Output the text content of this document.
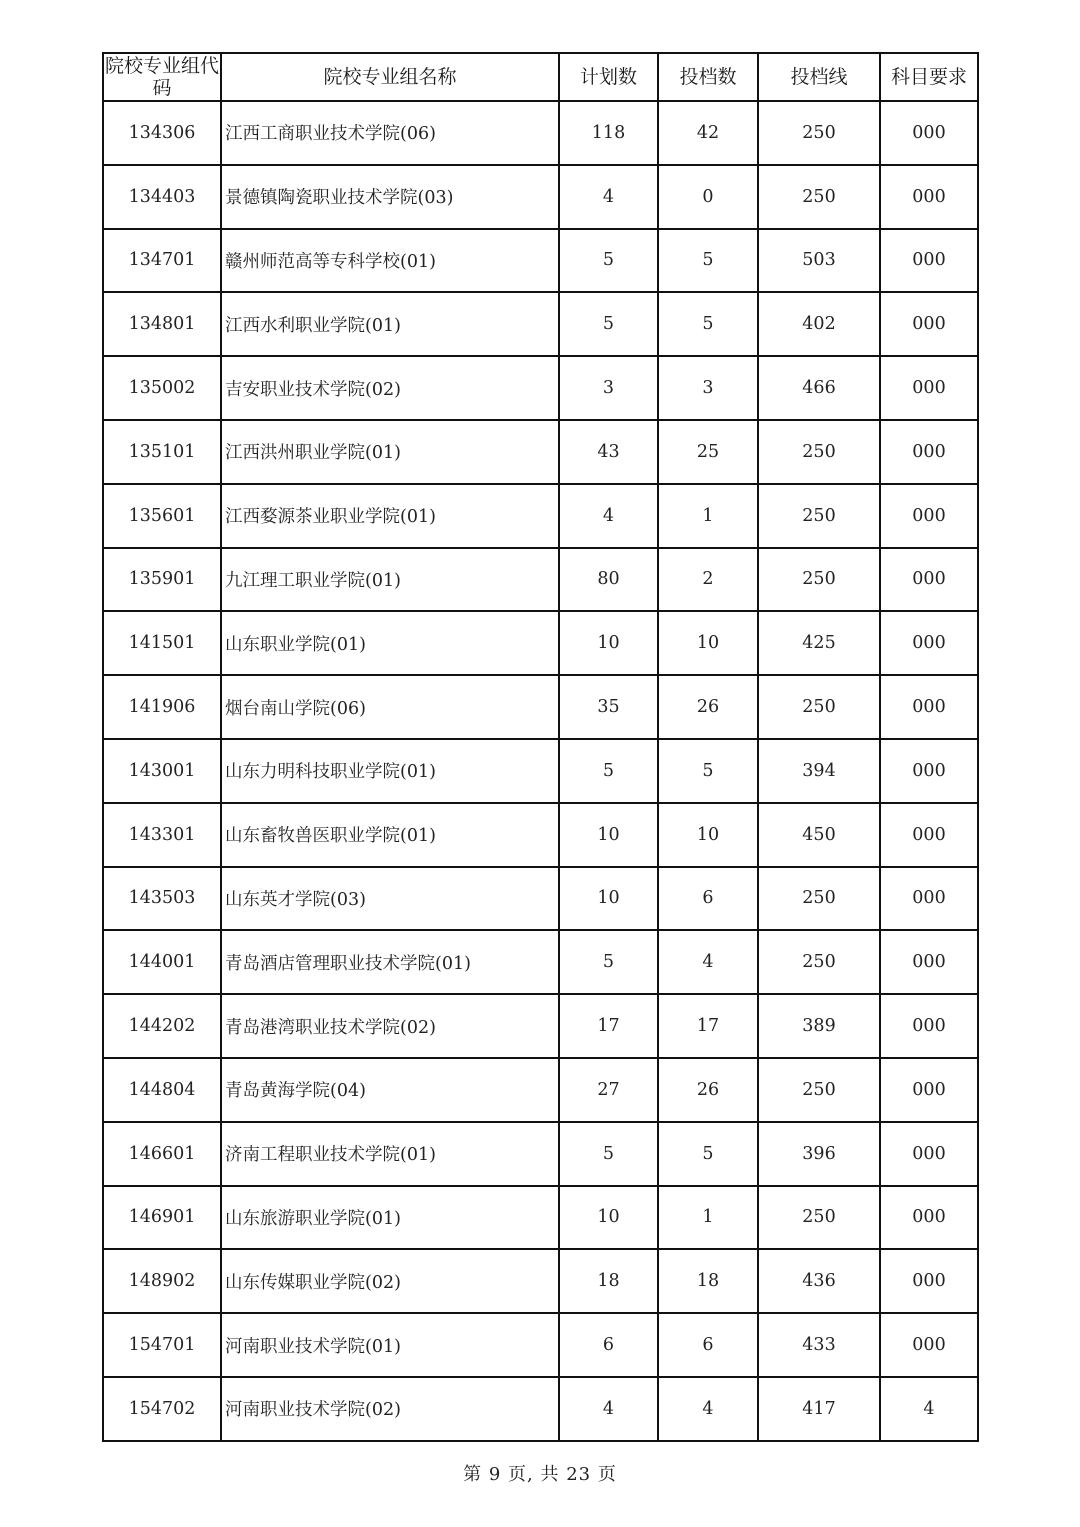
院校专业组代码	院校专业组名称	计划数	投档数	投档线	科目要求
134306	江西工商职业技术学院(06)	118	42	250	000
134403	景德镇陶瓷职业技术学院(03)	4	0	250	000
134701	赣州师范高等专科学校(01)	5	5	503	000
134801	江西水利职业学院(01)	5	5	402	000
135002	吉安职业技术学院(02)	3	3	466	000
135101	江西洪州职业学院(01)	43	25	250	000
135601	江西婺源茶业职业学院(01)	4	1	250	000
135901	九江理工职业学院(01)	80	2	250	000
141501	山东职业学院(01)	10	10	425	000
141906	烟台南山学院(06)	35	26	250	000
143001	山东力明科技职业学院(01)	5	5	394	000
143301	山东畜牧兽医职业学院(01)	10	10	450	000
143503	山东英才学院(03)	10	6	250	000
144001	青岛酒店管理职业技术学院(01)	5	4	250	000
144202	青岛港湾职业技术学院(02)	17	17	389	000
144804	青岛黄海学院(04)	27	26	250	000
146601	济南工程职业技术学院(01)	5	5	396	000
146901	山东旅游职业学院(01)	10	1	250	000
148902	山东传媒职业学院(02)	18	18	436	000
154701	河南职业技术学院(01)	6	6	433	000
154702	河南职业技术学院(02)	4	4	417	4
第 9 页, 共 23 页
